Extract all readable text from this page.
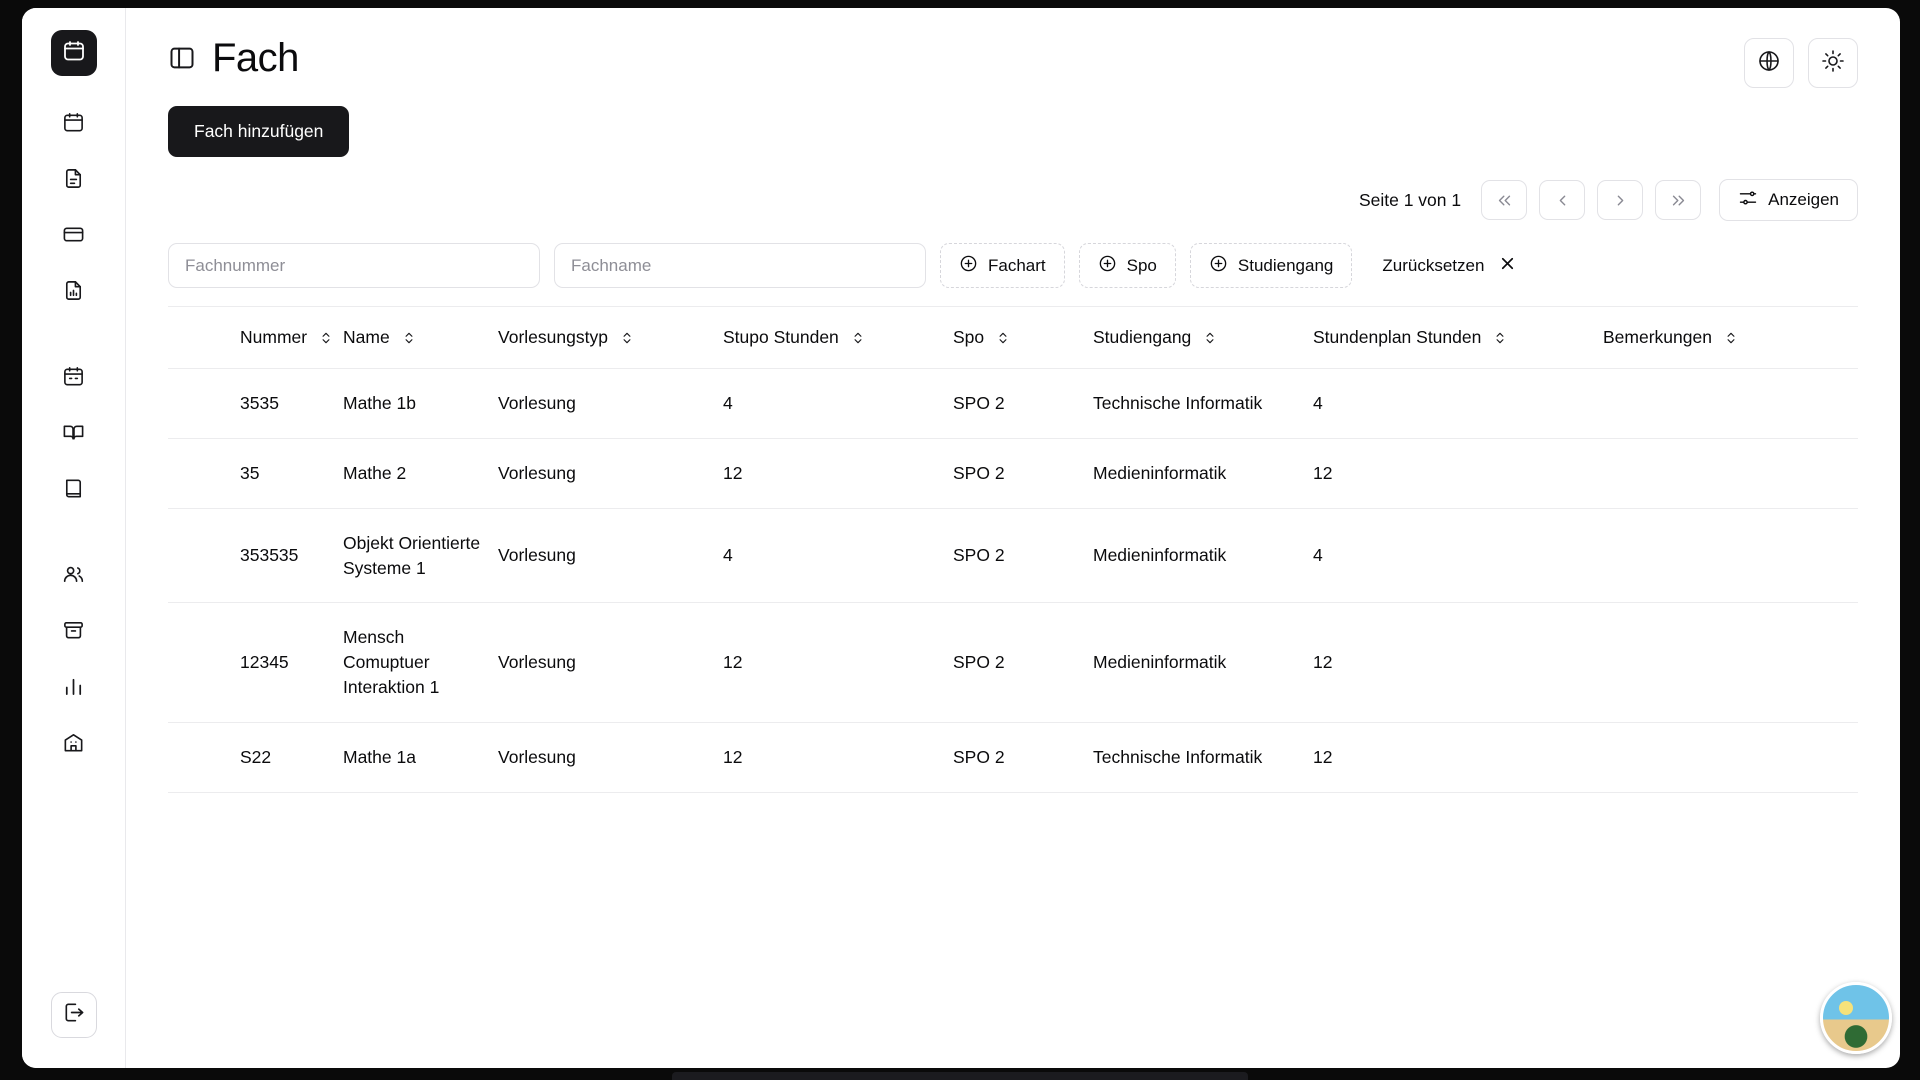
Fach
Fach hinzufügen
Seite 1 von 1	Anzeigen
Fachnummer
Fachname
Fachart	Spo	Studiengang	Zurücksetzen
Nummer	Name	Vorlesungstyp	Stupo Stunden	Spo	Studiengang	Stundenplan Stunden	Bemerkungen

3535	Mathe 1b	Vorlesung	4	SPO 2	Technische Informatik	4	
35	Mathe 2	Vorlesung	12	SPO 2	Medieninformatik	12	
353535	Objekt Orientierte Systeme 1	Vorlesung	4	SPO 2	Medieninformatik	4	
12345	Mensch Comuptuer Interaktion 1	Vorlesung	12	SPO 2	Medieninformatik	12	
S22	Mathe 1a	Vorlesung	12	SPO 2	Technische Informatik	12	
